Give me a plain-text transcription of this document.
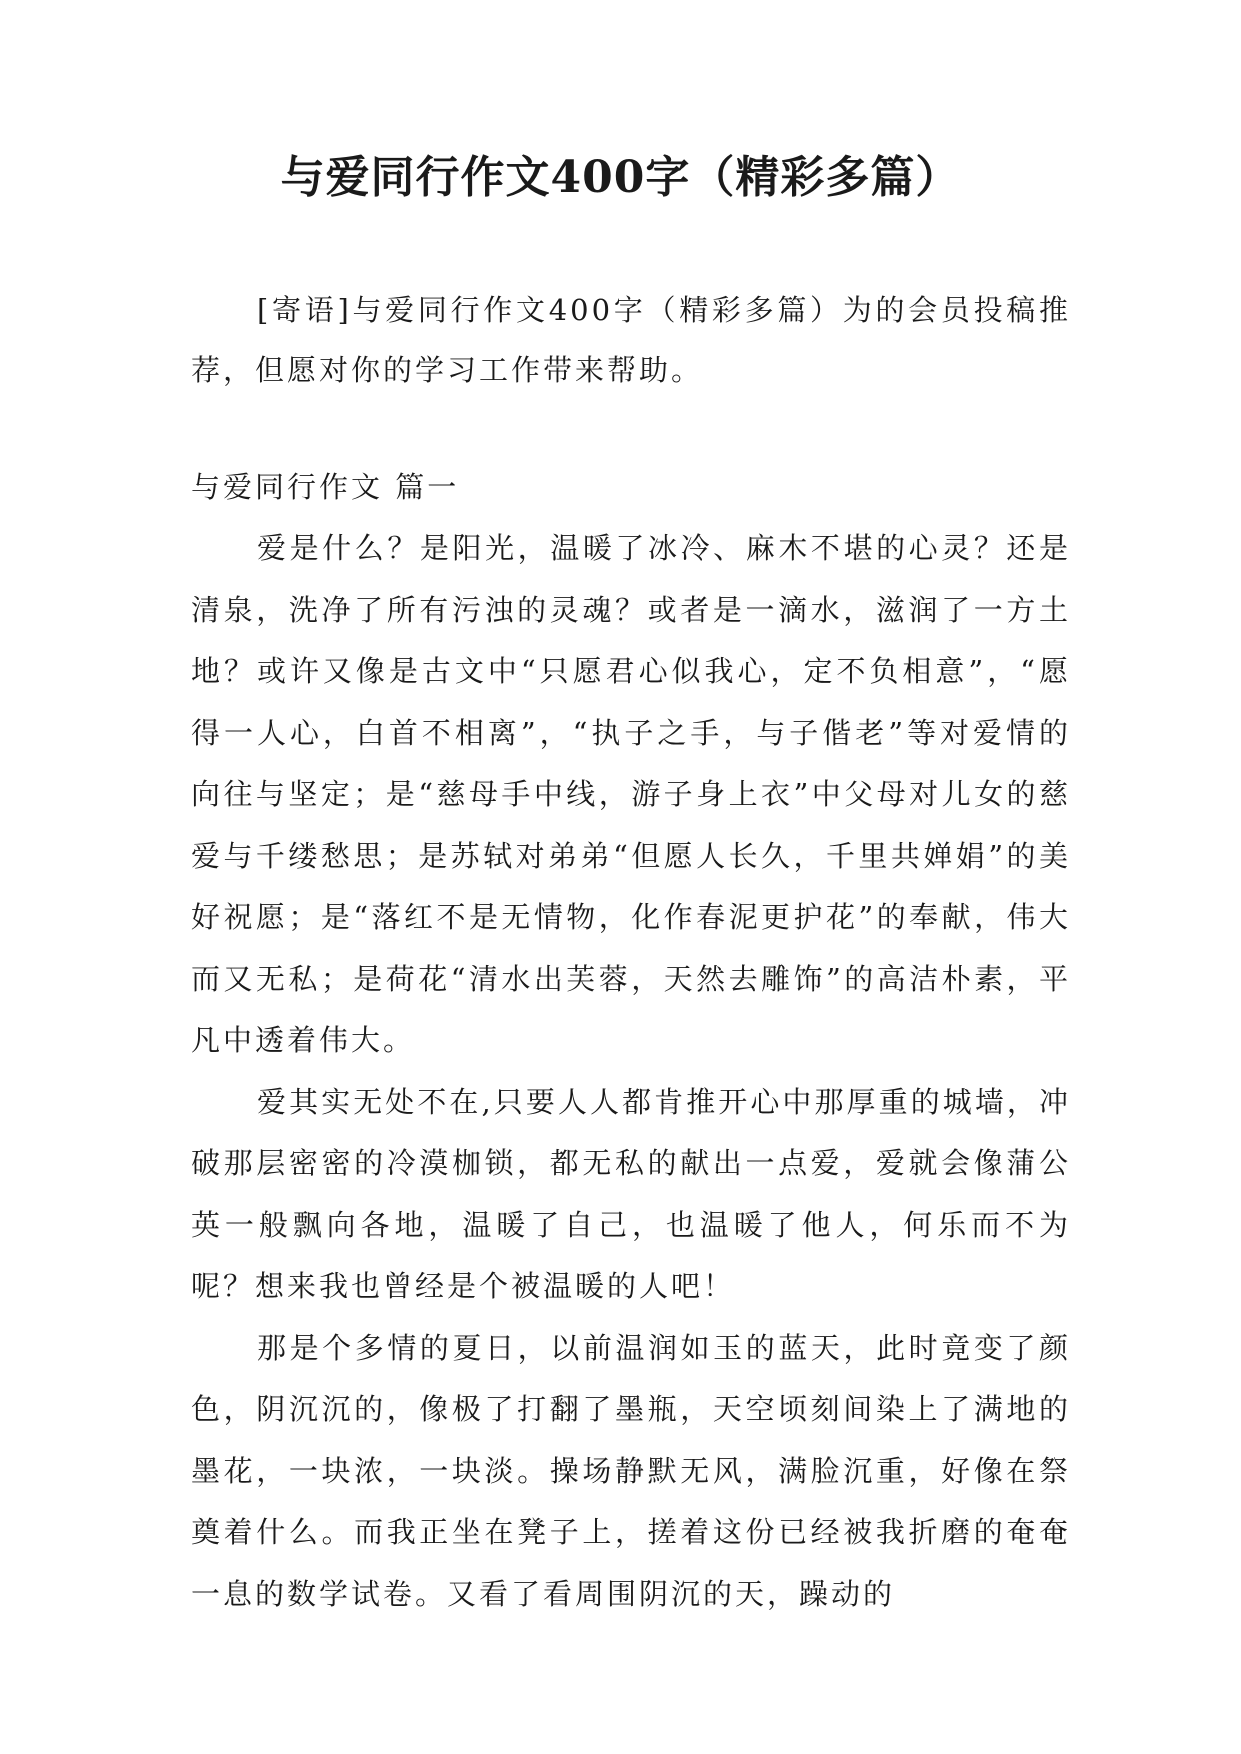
与爱同行作文400字（精彩多篇）

[寄语]与爱同行作文400字（精彩多篇）为的会员投稿推荐，但愿对你的学习工作带来帮助。

与爱同行作文 篇一

爱是什么？是阳光，温暖了冰冷、麻木不堪的心灵？还是清泉，洗净了所有污浊的灵魂？或者是一滴水，滋润了一方土地？或许又像是古文中“只愿君心似我心，定不负相意”，“愿得一人心，白首不相离”，“执子之手，与子偕老”等对爱情的向往与坚定；是“慈母手中线，游子身上衣”中父母对儿女的慈爱与千缕愁思；是苏轼对弟弟“但愿人长久，千里共婵娟”的美好祝愿；是“落红不是无情物，化作春泥更护花”的奉献，伟大而又无私；是荷花“清水出芙蓉，天然去雕饰”的高洁朴素，平凡中透着伟大。

爱其实无处不在,只要人人都肯推开心中那厚重的城墙，冲破那层密密的冷漠枷锁，都无私的献出一点爱，爱就会像蒲公英一般飘向各地，温暖了自己，也温暖了他人，何乐而不为呢？想来我也曾经是个被温暖的人吧！

那是个多情的夏日，以前温润如玉的蓝天，此时竟变了颜色，阴沉沉的，像极了打翻了墨瓶，天空顷刻间染上了满地的墨花，一块浓，一块淡。操场静默无风，满脸沉重，好像在祭奠着什么。而我正坐在凳子上，搓着这份已经被我折磨的奄奄一息的数学试卷。又看了看周围阴沉的天，躁动的
